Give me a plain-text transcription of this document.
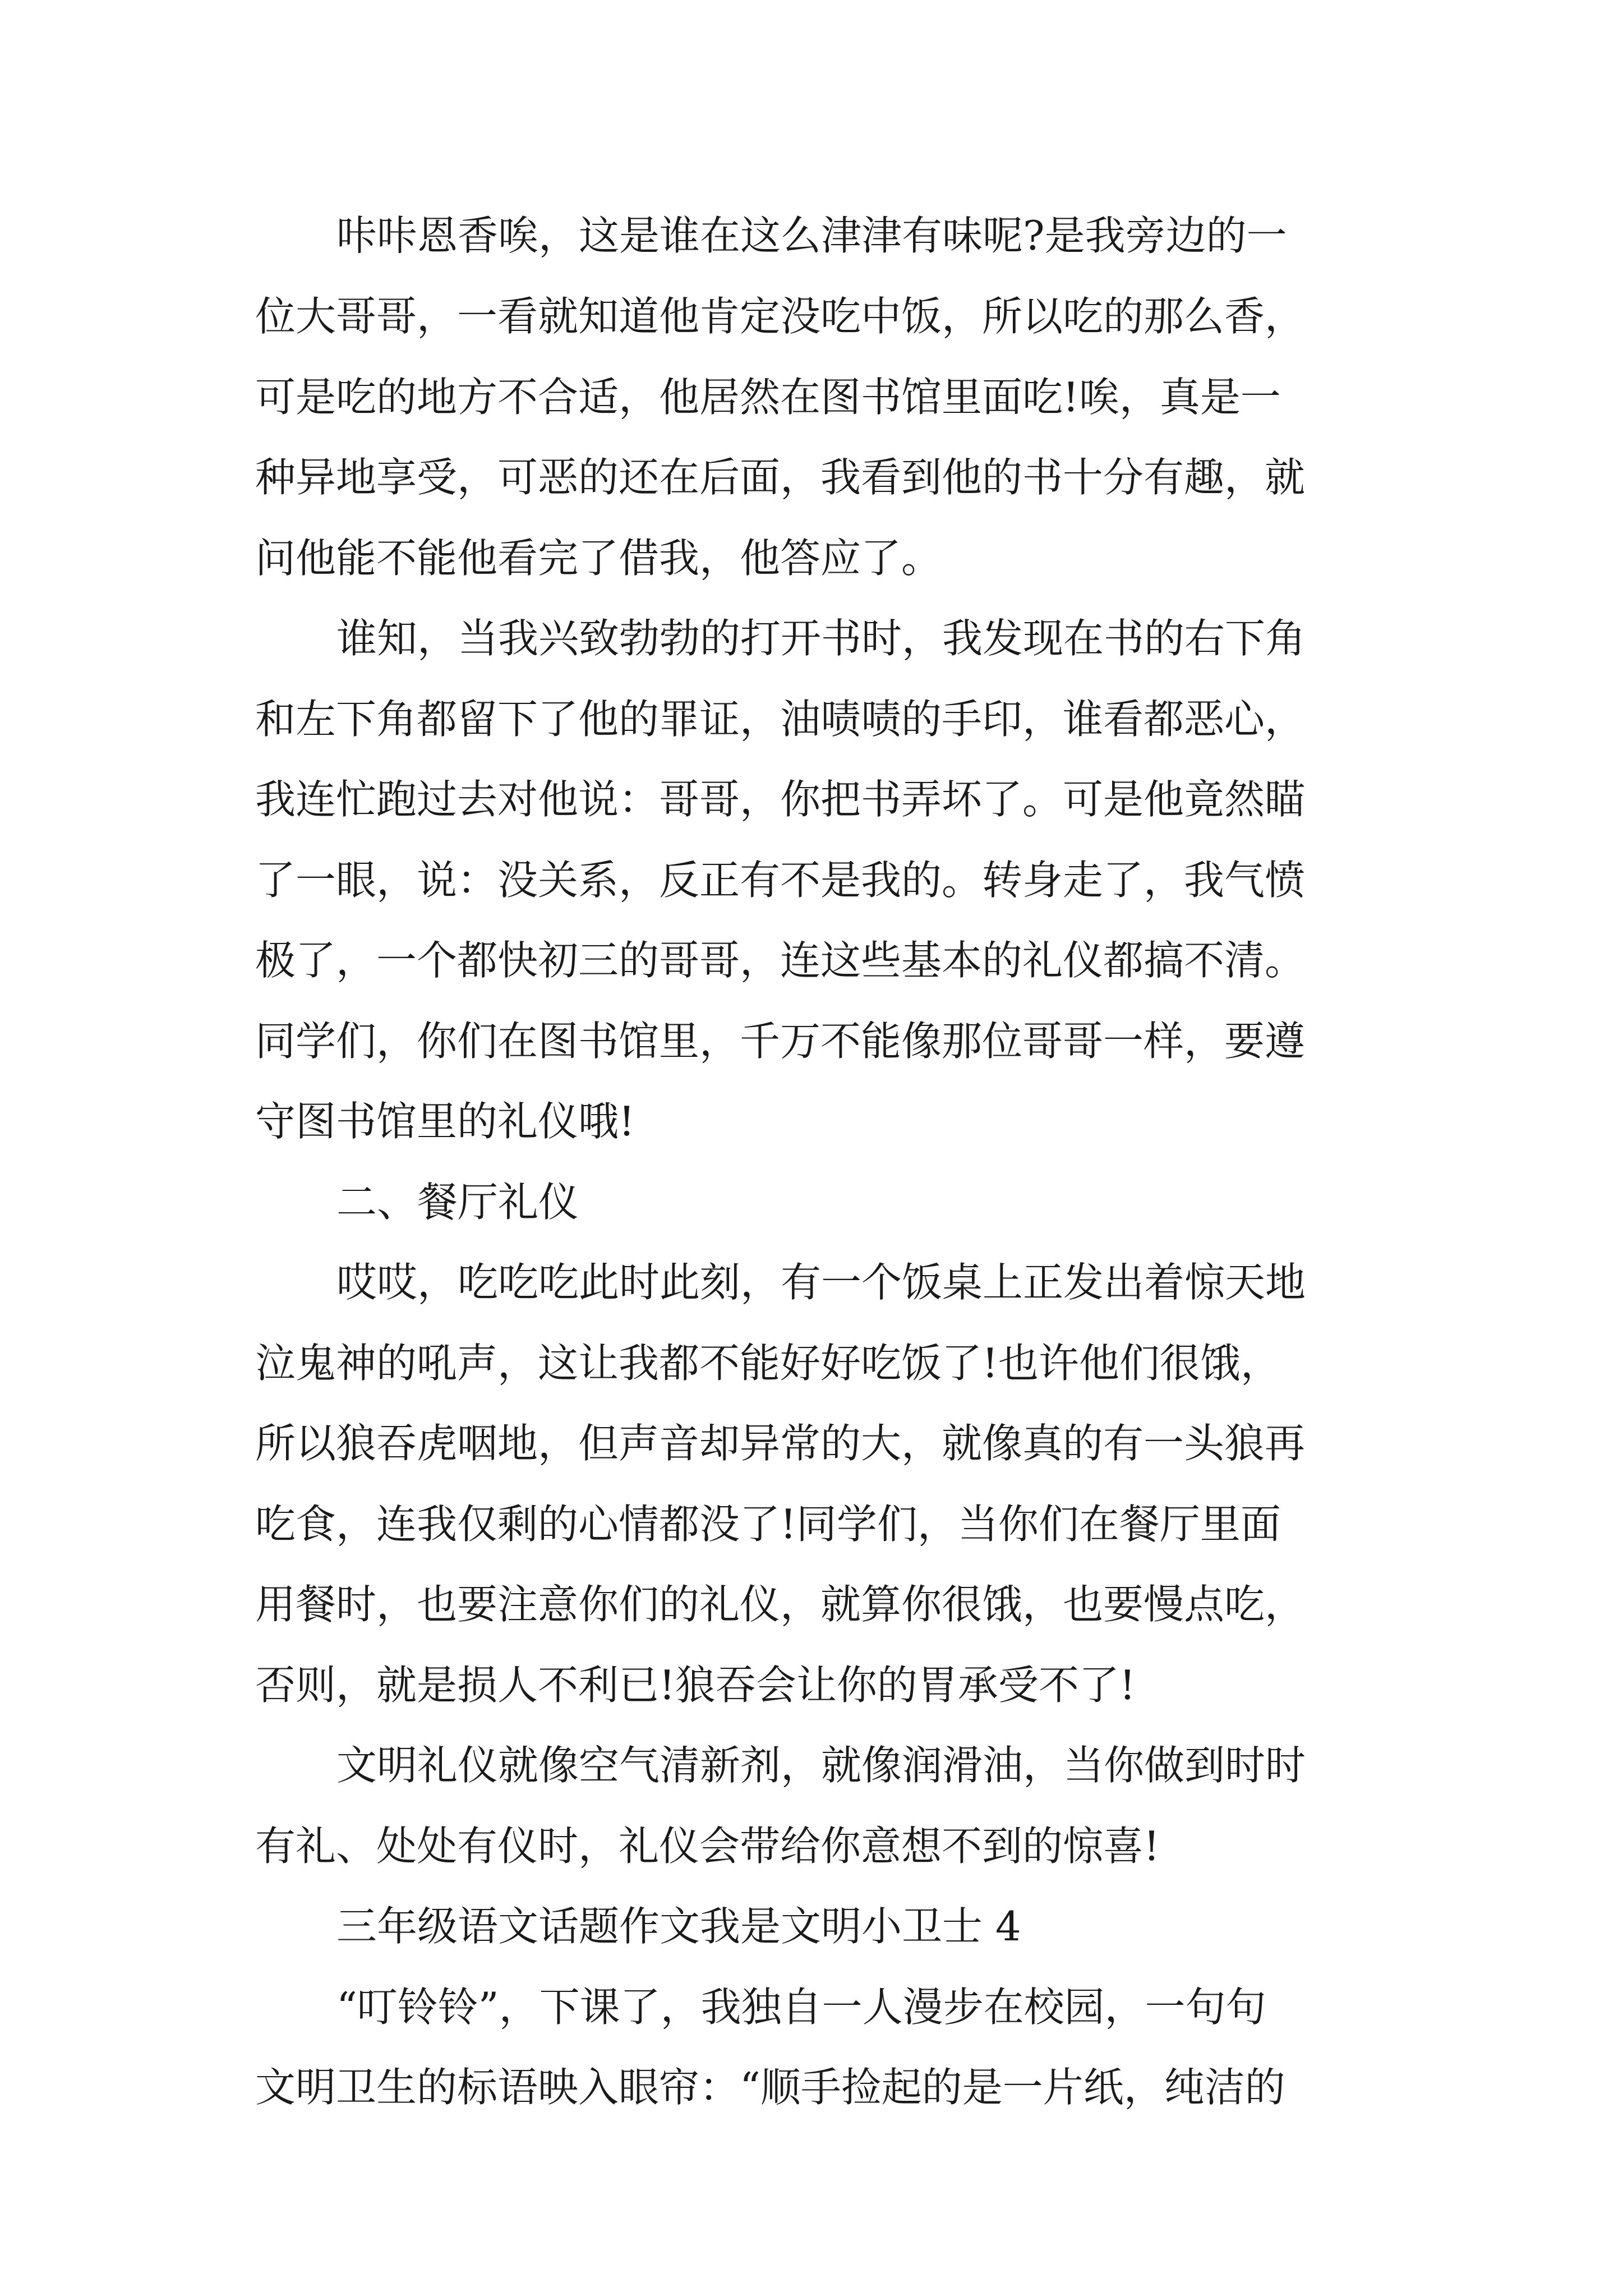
咔咔恩香唉，这是谁在这么津津有味呢?是我旁边的一
位大哥哥，一看就知道他肯定没吃中饭，所以吃的那么香，
可是吃的地方不合适，他居然在图书馆里面吃!唉，真是一
种异地享受，可恶的还在后面，我看到他的书十分有趣，就
问他能不能他看完了借我，他答应了。
谁知，当我兴致勃勃的打开书时，我发现在书的右下角
和左下角都留下了他的罪证，油啧啧的手印，谁看都恶心，
我连忙跑过去对他说：哥哥，你把书弄坏了。可是他竟然瞄
了一眼，说：没关系，反正有不是我的。转身走了，我气愤
极了，一个都快初三的哥哥，连这些基本的礼仪都搞不清。
同学们，你们在图书馆里，千万不能像那位哥哥一样，要遵
守图书馆里的礼仪哦!
二、餐厅礼仪
哎哎，吃吃吃此时此刻，有一个饭桌上正发出着惊天地
泣鬼神的吼声，这让我都不能好好吃饭了!也许他们很饿，
所以狼吞虎咽地，但声音却异常的大，就像真的有一头狼再
吃食，连我仅剩的心情都没了!同学们，当你们在餐厅里面
用餐时，也要注意你们的礼仪，就算你很饿，也要慢点吃，
否则，就是损人不利已!狼吞会让你的胃承受不了!
文明礼仪就像空气清新剂，就像润滑油，当你做到时时
有礼、处处有仪时，礼仪会带给你意想不到的惊喜!
三年级语文话题作文我是文明小卫士 4
“叮铃铃”，下课了，我独自一人漫步在校园，一句句
文明卫生的标语映入眼帘：“顺手捡起的是一片纸，纯洁的
